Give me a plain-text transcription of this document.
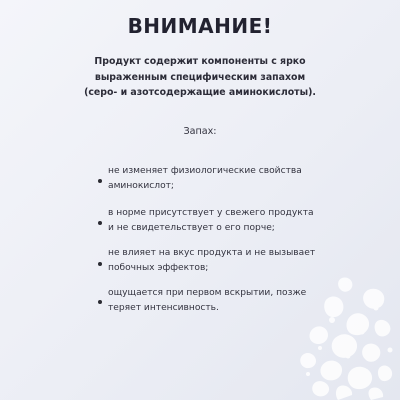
ВНИМАНИЕ!

Продукт содержит компоненты с ярко
выраженным специфическим запахом
(серо- и азотсодержащие аминокислоты).

Запах:

не изменяет физиологические свойства
аминокислот;
в норме присутствует у свежего продукта
и не свидетельствует о его порче;
не влияет на вкус продукта и не вызывает
побочных эффектов;
ощущается при первом вскрытии, позже
теряет интенсивность.
